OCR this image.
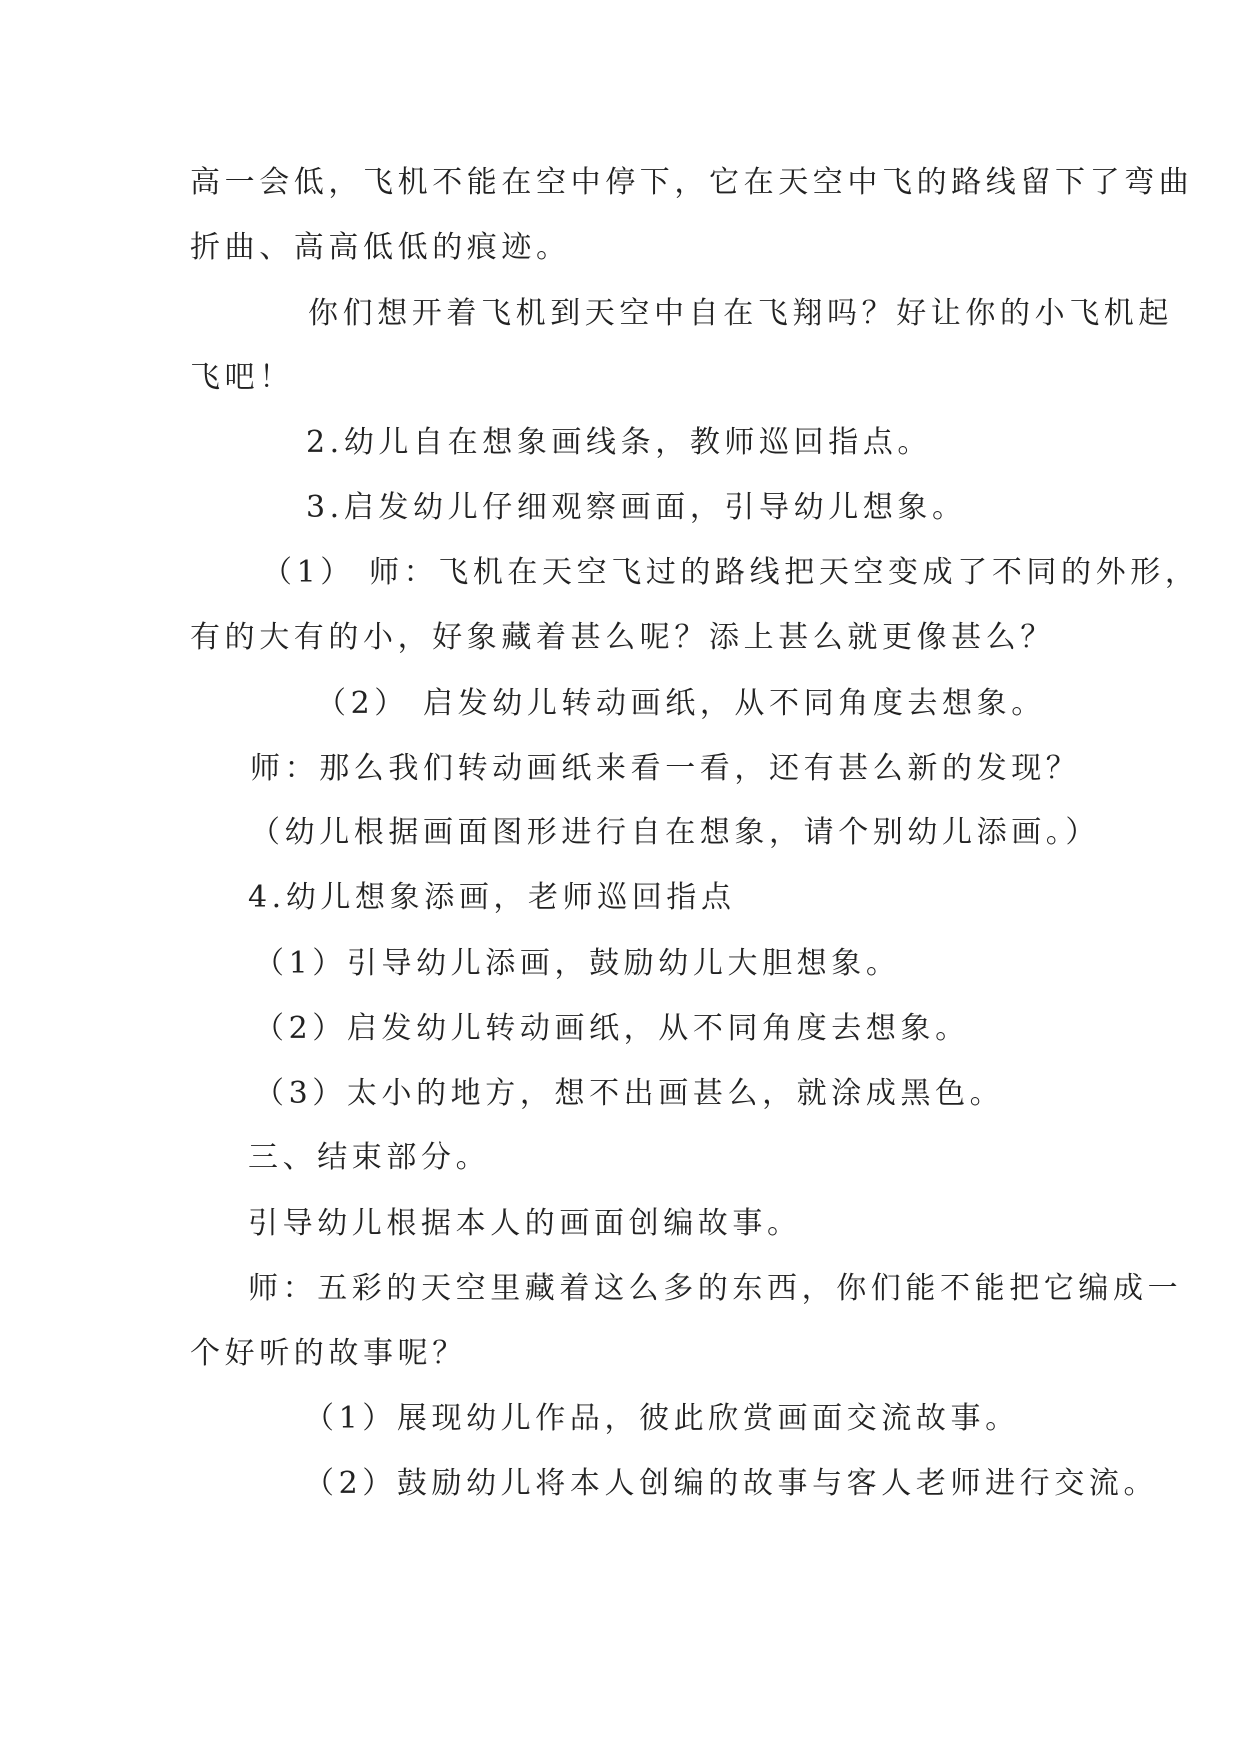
高一会低，飞机不能在空中停下，它在天空中飞的路线留下了弯曲
折曲、高高低低的痕迹。
你们想开着飞机到天空中自在飞翔吗？好让你的小飞机起
飞吧！
2.幼儿自在想象画线条，教师巡回指点。
3.启发幼儿仔细观察画面，引导幼儿想象。
（1） 师：飞机在天空飞过的路线把天空变成了不同的外形，
有的大有的小，好象藏着甚么呢？添上甚么就更像甚么？
（2） 启发幼儿转动画纸，从不同角度去想象。
师：那么我们转动画纸来看一看，还有甚么新的发现？
（幼儿根据画面图形进行自在想象，请个别幼儿添画。）
4.幼儿想象添画，老师巡回指点
（1）引导幼儿添画，鼓励幼儿大胆想象。
（2）启发幼儿转动画纸，从不同角度去想象。
（3）太小的地方，想不出画甚么，就涂成黑色。
三、结束部分。
引导幼儿根据本人的画面创编故事。
师：五彩的天空里藏着这么多的东西，你们能不能把它编成一
个好听的故事呢？
（1）展现幼儿作品，彼此欣赏画面交流故事。
（2）鼓励幼儿将本人创编的故事与客人老师进行交流。
